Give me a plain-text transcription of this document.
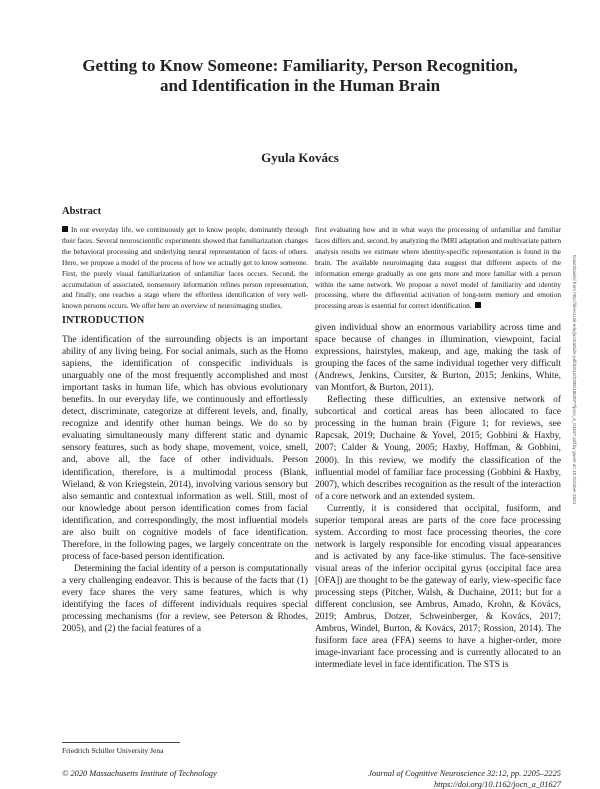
Getting to Know Someone: Familiarity, Person Recognition, and Identification in the Human Brain
Gyula Kovács
Abstract
In our everyday life, we continuously get to know people, dominantly through their faces. Several neuroscientific experiments showed that familiarization changes the behavioral processing and underlying neural representation of faces of others. Here, we propose a model of the process of how we actually get to know someone. First, the purely visual familiarization of unfamiliar faces occurs. Second, the accumulation of associated, nonsensory information refines person representation, and finally, one reaches a stage where the effortless identification of very well-known persons occurs. We offer here an overview of neuroimaging studies,
first evaluating how and in what ways the processing of unfamiliar and familiar faces differs and, second, by analyzing the fMRI adaptation and multivariate pattern analysis results we estimate where identity-specific representation is found in the brain. The available neuroimaging data suggest that different aspects of the information emerge gradually as one gets more and more familiar with a person within the same network. We propose a novel model of familiarity and identity processing, where the differential activation of long-term memory and emotion processing areas is essential for correct identification.	Downloaded from http://direct.mit.edu/jocn/article-pdf/32/12/2205/1862077/jocn_a_01627.pdf by guest on 10 October 2021
INTRODUCTION

The identification of the surrounding objects is an important ability of any living being. For social animals, such as the Homo sapiens, the identification of conspecific individuals is unarguably one of the most frequently accomplished and most important tasks in human life, which has obvious evolutionary benefits. In our everyday life, we continuously and effortlessly detect, discriminate, categorize at different levels, and, finally, recognize and identify other human beings. We do so by evaluating simultaneously many different static and dynamic sensory features, such as body shape, movement, voice, smell, and, above all, the face of other individuals. Person identification, therefore, is a multimodal process (Blank, Wieland, & von Kriegstein, 2014), involving various sensory but also semantic and contextual information as well. Still, most of our knowledge about person identification comes from facial identification, and correspondingly, the most influential models are also built on cognitive models of face identification. Therefore, in the following pages, we largely concentrate on the process of face-based person identification.

Determining the facial identity of a person is computationally a very challenging endeavor. This is because of the facts that (1) every face shares the very same features, which is why identifying the faces of different individuals requires special processing mechanisms (for a review, see Peterson & Rhodes, 2005), and (2) the facial features of a

given individual show an enormous variability across time and space because of changes in illumination, viewpoint, facial expressions, hairstyles, makeup, and age, making the task of grouping the faces of the same individual together very difficult (Andrews, Jenkins, Cursiter, & Burton, 2015; Jenkins, White, van Montfort, & Burton, 2011).

Reflecting these difficulties, an extensive network of subcortical and cortical areas has been allocated to face processing in the human brain (Figure 1; for reviews, see Rapcsak, 2019; Duchaine & Yovel, 2015; Gobbini & Haxby, 2007; Calder & Young, 2005; Haxby, Hoffman, & Gobbini, 2000). In this review, we modify the classification of the influential model of familiar face processing (Gobbini & Haxby, 2007), which describes recognition as the result of the interaction of a core network and an extended system.

Currently, it is considered that occipital, fusiform, and superior temporal areas are parts of the core face processing system. According to most face processing theories, the core network is largely responsible for encoding visual appearances and is activated by any face-like stimulus. The face-sensitive visual areas of the inferior occipital gyrus (occipital face area [OFA]) are thought to be the gateway of early, view-specific face processing steps (Pitcher, Walsh, & Duchaine, 2011; but for a different conclusion, see Ambrus, Amado, Krohn, & Kovács, 2019; Ambrus, Dotzer, Schweinberger, & Kovács, 2017; Ambrus, Windel, Burton, & Kovács, 2017; Rossion, 2014). The fusiform face area (FFA) seems to have a higher-order, more image-invariant face processing and is currently allocated to an intermediate level in face identification. The STS is

Friedrich Schiller University Jena
© 2020 Massachusetts Institute of Technology	Journal of Cognitive Neuroscience 32:12, pp. 2205–2225
https://doi.org/10.1162/jocn_a_01627
